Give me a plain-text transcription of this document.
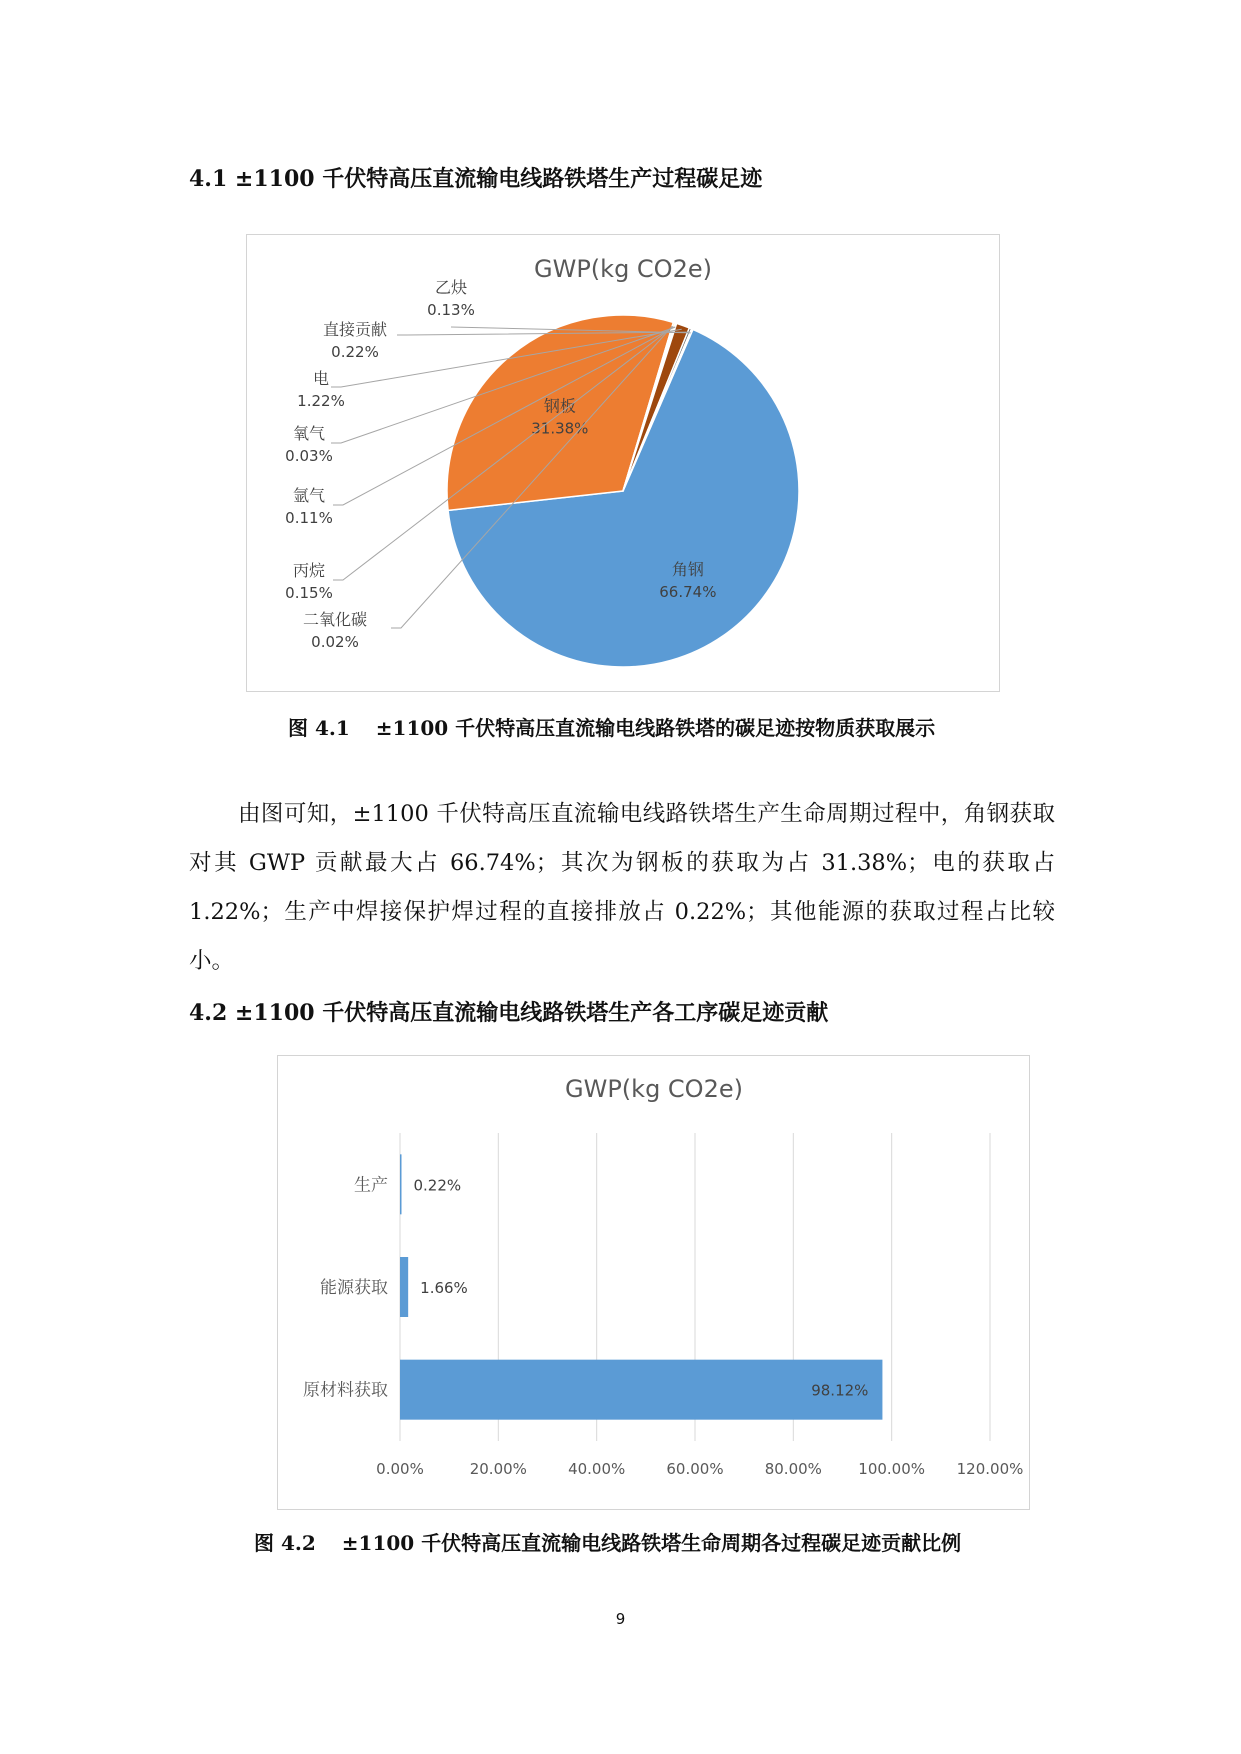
4.1 ±1100 千伏特高压直流输电线路铁塔生产过程碳足迹
GWP(kg CO2e)
角钢
66.74%
钢板
31.38%
二氧化碳
0.02%
丙烷
0.15%
氩气
0.11%
氧气
0.03%
电
1.22%
直接贡献
0.22%
乙炔
0.13%

图 4.1 ±1100 千伏特高压直流输电线路铁塔的碳足迹按物质获取展示

由图可知，±1100 千伏特高压直流输电线路铁塔生产生命周期过程中，角钢获取对其 GWP 贡献最大占 66.74%；其次为钢板的获取为占 31.38%；电的获取占 1.22%；生产中焊接保护焊过程的直接排放占 0.22%；其他能源的获取过程占比较小。

4.2 ±1100 千伏特高压直流输电线路铁塔生产各工序碳足迹贡献
GWP(kg CO2e)
0.00%	20.00%	40.00%	60.00%	80.00% 100.00% 120.00%
生产 0.22%
能源获取 1.66%
原材料获取	98.12%

图 4.2 ±1100 千伏特高压直流输电线路铁塔生命周期各过程碳足迹贡献比例

9
